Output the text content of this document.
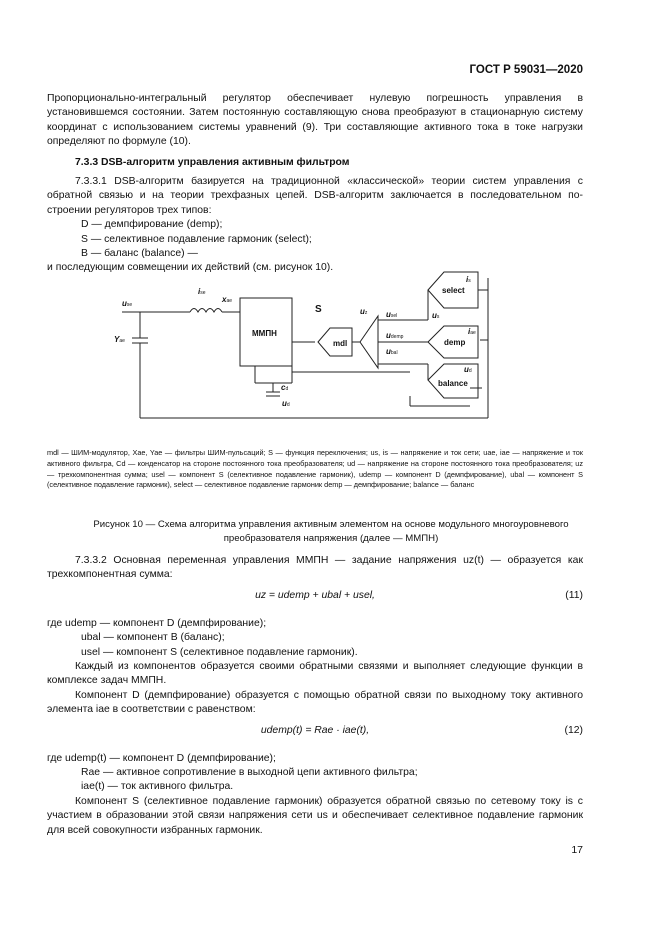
ГОСТ Р 59031—2020

Пропорционально-интегральный регулятор обеспечивает нулевую погрешность управления в установившемся состоянии. Затем постоянную составляющую снова преобразуют в стационарную систему координат с использованием системы уравнений (9). Три составляющие активного тока в токе нагрузки определяют по формуле (10).

7.3.3 DSB-алгоритм управления активным фильтром

7.3.3.1 DSB-алгоритм базируется на традиционной «классической» теории систем управления с обратной связью и на теории трехфазных цепей. DSB-алгоритм заключается в последовательном по-строении регуляторов трех типов:

D — демпфирование (demp);

S — селективное подавление гармоник (select);

B — баланс (balance) —

и последующим совмещении их действий (см. рисунок 10).

use
ise
xae
Yae
ММПН
S
mdl
uz usel
udemp
ubal
select
demp
balance
is
us
iae
ud
cd
ud
mdl — ШИМ-модулятор, Xae, Yae — фильтры ШИМ-пульсаций; S — функция переключения; us, is — напряжение и ток сети; uae, iae — напряжение и ток активного фильтра, Cd — конденсатор на стороне постоянного тока преобразователя; ud — напряжение на стороне постоянного тока преобразователя; uz — трехкомпонентная сумма; usel — компонент S (селективное подавление гармоник), udemp — компонент D (демпфирование), ubal — компонент S (селективное подавление гармоник), select — селективное подавление гармоник demp — демпфирование; balance — баланс
Рисунок 10 — Схема алгоритма управления активным элементом на основе модульного многоуровневого преобразователя напряжения (далее — ММПН)

7.3.3.2 Основная переменная управления ММПН — задание напряжения uz(t) — образуется как трехкомпонентная сумма:

uz = udemp + ubal + usel,	(11)

где udemp — компонент D (демпфирование);

ubal — компонент B (баланс);

usel — компонент S (селективное подавление гармоник).

Каждый из компонентов образуется своими обратными связями и выполняет следующие функции в комплексе задач ММПН.

Компонент D (демпфирование) образуется с помощью обратной связи по выходному току активного элемента iae в соответствии с равенством:

udemp(t) = Rae · iae(t),	(12)

где udemp(t) — компонент D (демпфирование);

Rae — активное сопротивление в выходной цепи активного фильтра;

iae(t) — ток активного фильтра.

Компонент S (селективное подавление гармоник) образуется обратной связью по сетевому току is с участием в образовании этой связи напряжения сети us и обеспечивает селективное подавление гармоник для всей совокупности избранных гармоник.

17
